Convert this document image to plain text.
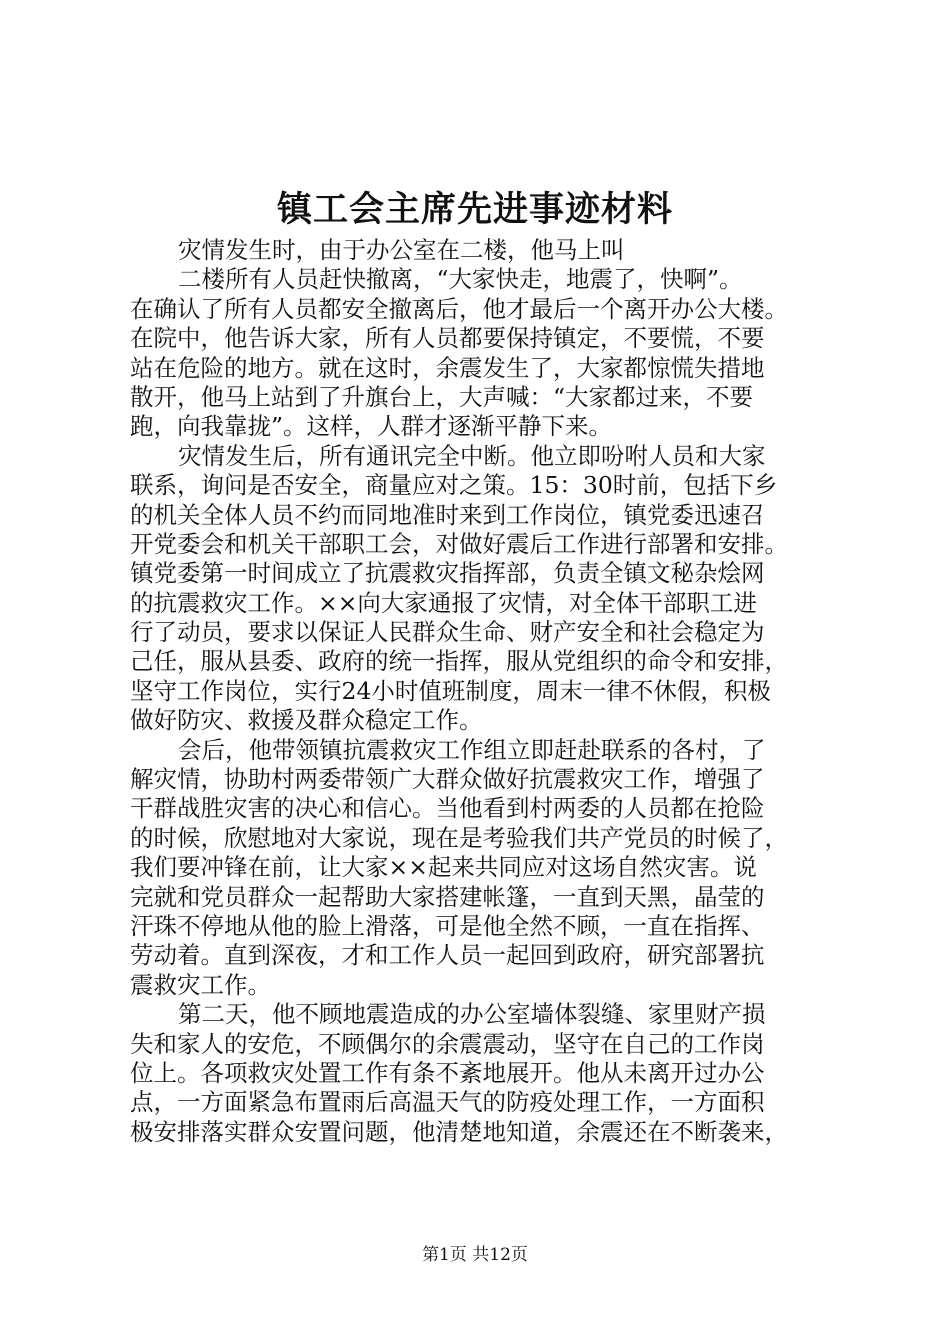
镇工会主席先进事迹材料
灾情发生时，由于办公室在二楼，他马上叫
二楼所有人员赶快撤离，“大家快走，地震了，快啊”。
在确认了所有人员都安全撤离后，他才最后一个离开办公大楼。
在院中，他告诉大家，所有人员都要保持镇定，不要慌，不要
站在危险的地方。就在这时，余震发生了，大家都惊慌失措地
散开，他马上站到了升旗台上，大声喊：“大家都过来，不要
跑，向我靠拢”。这样，人群才逐渐平静下来。
灾情发生后，所有通讯完全中断。他立即吩咐人员和大家
联系，询问是否安全，商量应对之策。15：30时前，包括下乡
的机关全体人员不约而同地准时来到工作岗位，镇党委迅速召
开党委会和机关干部职工会，对做好震后工作进行部署和安排。
镇党委第一时间成立了抗震救灾指挥部，负责全镇文秘杂烩网
的抗震救灾工作。××向大家通报了灾情，对全体干部职工进
行了动员，要求以保证人民群众生命、财产安全和社会稳定为
己任，服从县委、政府的统一指挥，服从党组织的命令和安排，
坚守工作岗位，实行24小时值班制度，周末一律不休假，积极
做好防灾、救援及群众稳定工作。
会后，他带领镇抗震救灾工作组立即赶赴联系的各村，了
解灾情，协助村两委带领广大群众做好抗震救灾工作，增强了
干群战胜灾害的决心和信心。当他看到村两委的人员都在抢险
的时候，欣慰地对大家说，现在是考验我们共产党员的时候了，
我们要冲锋在前，让大家××起来共同应对这场自然灾害。说
完就和党员群众一起帮助大家搭建帐篷，一直到天黑，晶莹的
汗珠不停地从他的脸上滑落，可是他全然不顾，一直在指挥、
劳动着。直到深夜，才和工作人员一起回到政府，研究部署抗
震救灾工作。
第二天，他不顾地震造成的办公室墙体裂缝、家里财产损
失和家人的安危，不顾偶尔的余震震动，坚守在自己的工作岗
位上。各项救灾处置工作有条不紊地展开。他从未离开过办公
点，一方面紧急布置雨后高温天气的防疫处理工作，一方面积
极安排落实群众安置问题，他清楚地知道，余震还在不断袭来，
第1页 共12页
